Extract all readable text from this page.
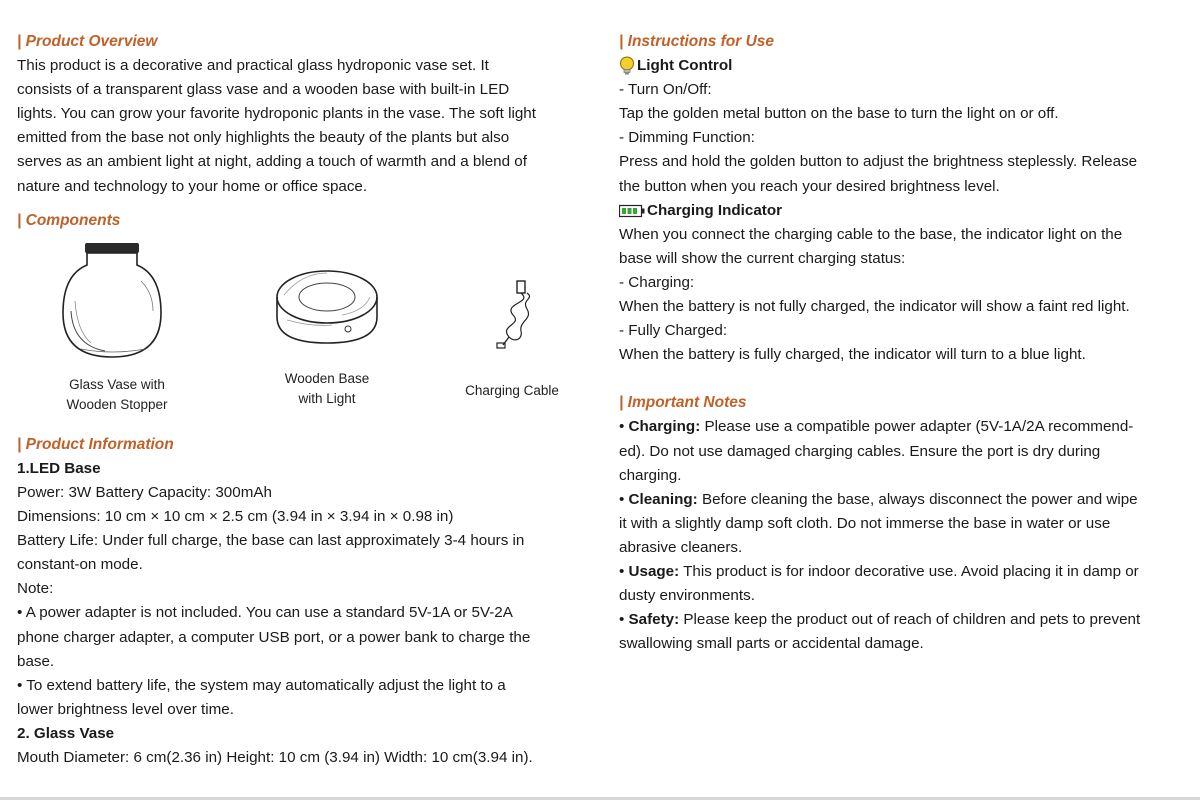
| Product Overview
This product is a decorative and practical glass hydroponic vase set. It
consists of a transparent glass vase and a wooden base with built-in LED
lights. You can grow your favorite hydroponic plants in the vase. The soft light
emitted from the base not only highlights the beauty of the plants but also
serves as an ambient light at night, adding a touch of warmth and a blend of
nature and technology to your home or office space.
| Components
Glass Vase with
Wooden Stopper
Wooden Base
with Light
Charging Cable
| Product Information
1.LED Base
Power: 3W Battery Capacity: 300mAh
Dimensions: 10 cm × 10 cm × 2.5 cm (3.94 in × 3.94 in × 0.98 in)
Battery Life: Under full charge, the base can last approximately 3-4 hours in
constant-on mode.
Note:
• A power adapter is not included. You can use a standard 5V-1A or 5V-2A
phone charger adapter, a computer USB port, or a power bank to charge the
base.
• To extend battery life, the system may automatically adjust the light to a
lower brightness level over time.
2. Glass Vase
Mouth Diameter: 6 cm(2.36 in) Height: 10 cm (3.94 in) Width: 10 cm(3.94 in).
| Instructions for Use
Light Control
- Turn On/Off:
Tap the golden metal button on the base to turn the light on or off.
- Dimming Function:
Press and hold the golden button to adjust the brightness steplessly. Release
the button when you reach your desired brightness level.
Charging Indicator
When you connect the charging cable to the base, the indicator light on the
base will show the current charging status:
- Charging:
When the battery is not fully charged, the indicator will show a faint red light.
- Fully Charged:
When the battery is fully charged, the indicator will turn to a blue light.
| Important Notes
• Charging: Please use a compatible power adapter (5V-1A/2A recommend-
ed). Do not use damaged charging cables. Ensure the port is dry during
charging.
• Cleaning: Before cleaning the base, always disconnect the power and wipe
it with a slightly damp soft cloth. Do not immerse the base in water or use
abrasive cleaners.
• Usage: This product is for indoor decorative use. Avoid placing it in damp or
dusty environments.
• Safety: Please keep the product out of reach of children and pets to prevent
swallowing small parts or accidental damage.
